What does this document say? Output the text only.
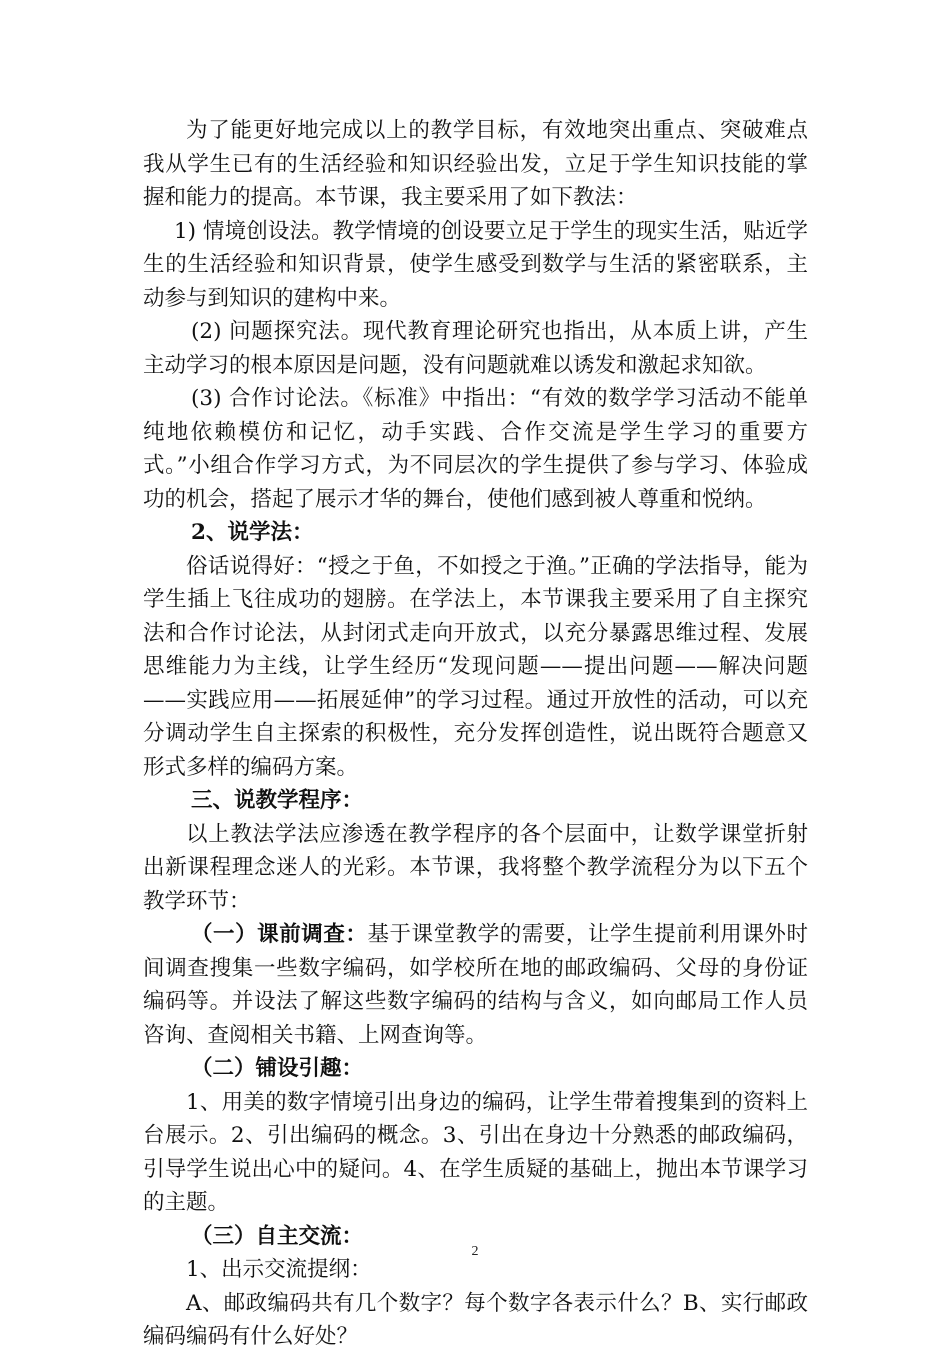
为了能更好地完成以上的教学目标，有效地突出重点、突破难点我从学生已有的生活经验和知识经验出发，立足于学生知识技能的掌握和能力的提高。本节课，我主要采用了如下教法：

1) 情境创设法。教学情境的创设要立足于学生的现实生活，贴近学生的生活经验和知识背景，使学生感受到数学与生活的紧密联系，主动参与到知识的建构中来。

(2) 问题探究法。现代教育理论研究也指出，从本质上讲，产生主动学习的根本原因是问题，没有问题就难以诱发和激起求知欲。

(3) 合作讨论法。《标准》中指出：“有效的数学学习活动不能单纯地依赖模仿和记忆，动手实践、合作交流是学生学习的重要方式。”小组合作学习方式，为不同层次的学生提供了参与学习、体验成功的机会，搭起了展示才华的舞台，使他们感到被人尊重和悦纳。

2、说学法：

俗话说得好：“授之于鱼，不如授之于渔。”正确的学法指导，能为学生插上飞往成功的翅膀。在学法上，本节课我主要采用了自主探究法和合作讨论法，从封闭式走向开放式，以充分暴露思维过程、发展思维能力为主线，让学生经历“发现问题——提出问题——解决问题——实践应用——拓展延伸”的学习过程。通过开放性的活动，可以充分调动学生自主探索的积极性，充分发挥创造性，说出既符合题意又形式多样的编码方案。

三、说教学程序：

以上教法学法应渗透在教学程序的各个层面中，让数学课堂折射出新课程理念迷人的光彩。本节课，我将整个教学流程分为以下五个教学环节：

（一）课前调查：基于课堂教学的需要，让学生提前利用课外时间调查搜集一些数字编码，如学校所在地的邮政编码、父母的身份证编码等。并设法了解这些数字编码的结构与含义，如向邮局工作人员咨询、查阅相关书籍、上网查询等。

（二）铺设引趣：

1、用美的数字情境引出身边的编码，让学生带着搜集到的资料上台展示。2、引出编码的概念。3、引出在身边十分熟悉的邮政编码，引导学生说出心中的疑问。4、在学生质疑的基础上，抛出本节课学习的主题。

（三）自主交流：

1、出示交流提纲：

A、邮政编码共有几个数字？每个数字各表示什么？B、实行邮政编码编码有什么好处？

2
